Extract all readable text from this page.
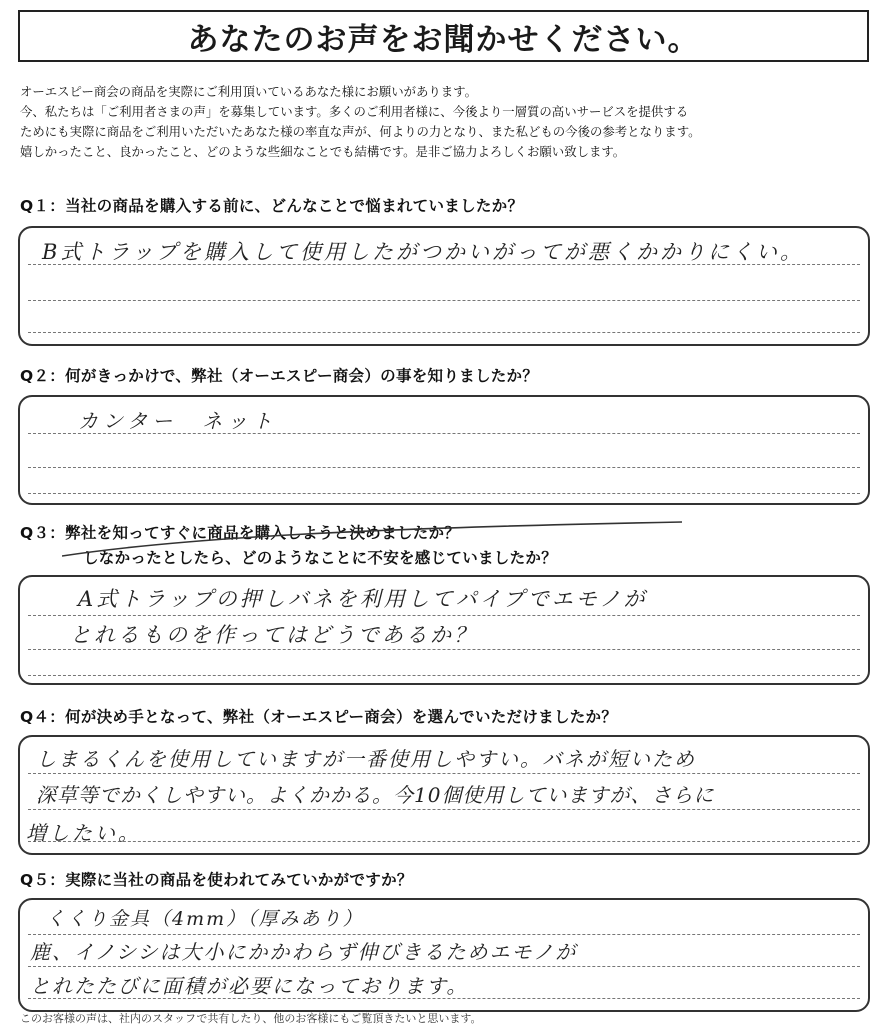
あなたのお声をお聞かせください。
オーエスピー商会の商品を実際にご利用頂いているあなた様にお願いがあります。
今、私たちは「ご利用者さまの声」を募集しています。多くのご利用者様に、今後より一層質の高いサービスを提供する
ためにも実際に商品をご利用いただいたあなた様の率直な声が、何よりの力となり、また私どもの今後の参考となります。
嬉しかったこと、良かったこと、どのような些細なことでも結構です。是非ご協力よろしくお願い致します。
Q１：当社の商品を購入する前に、どんなことで悩まれていましたか？
B式トラップを購入して使用したがつかいがってが悪くかかりにくい。
Q２：何がきっかけで、弊社（オーエスピー商会）の事を知りましたか？
カンター　ネット
Q３：弊社を知ってすぐに商品を購入しようと決めましたか？
しなかったとしたら、どのようなことに不安を感じていましたか？
A式トラップの押しバネを利用してパイプでエモノが
とれるものを作ってはどうであるか？
Q４：何が決め手となって、弊社（オーエスピー商会）を選んでいただけましたか？
しまるくんを使用していますが一番使用しやすい。バネが短いため
深草等でかくしやすい。よくかかる。今10個使用していますが、さらに
増したい。
Q５：実際に当社の商品を使われてみていかがですか？
くくり金具（4mm）（厚みあり）
鹿、イノシシは大小にかかわらず伸びきるためエモノが
とれたたびに面積が必要になっております。
このお客様の声は、社内のスタッフで共有したり、他のお客様にもご覧頂きたいと思います。
